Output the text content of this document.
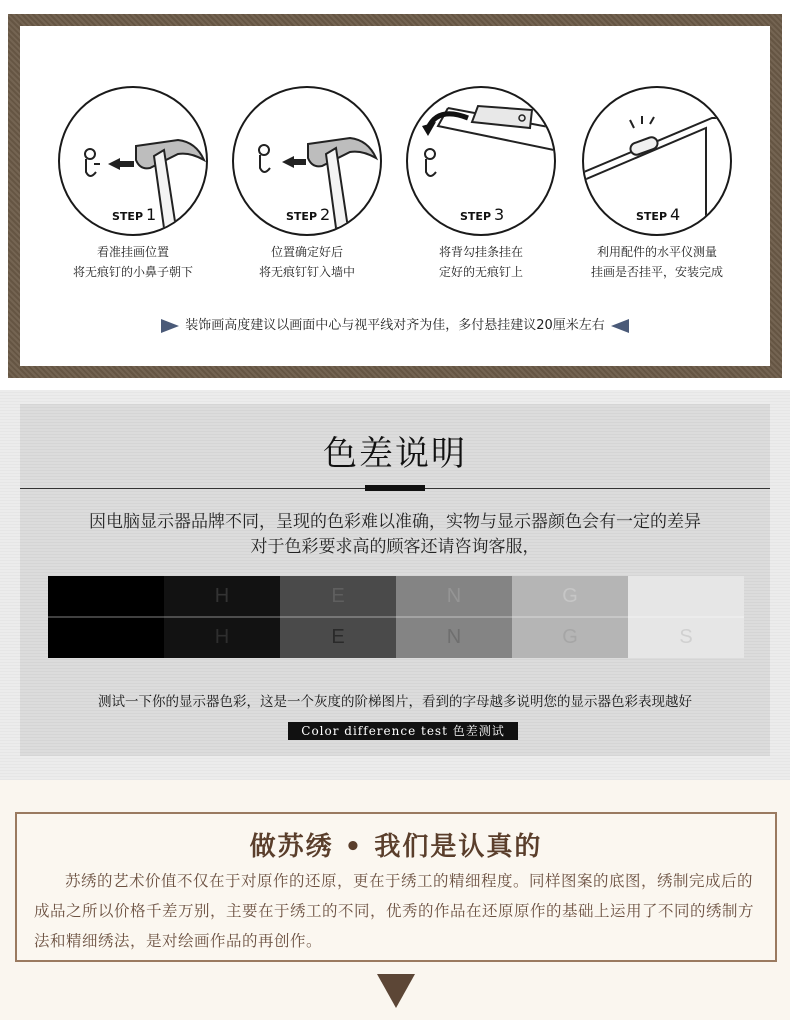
STEP 1
看准挂画位置
将无痕钉的小鼻子朝下
STEP 2
位置确定好后
将无痕钉钉入墙中
STEP 3
将背勾挂条挂在
定好的无痕钉上
STEP 4
利用配件的水平仪测量
挂画是否挂平，安装完成
装饰画高度建议以画面中心与视平线对齐为佳，多付悬挂建议20厘米左右
色差说明
因电脑显示器品牌不同，呈现的色彩难以准确，实物与显示器颜色会有一定的差异
对于色彩要求高的顾客还请咨询客服，
S
G
G
N
N
E
E
H
H
测试一下你的显示器色彩，这是一个灰度的阶梯图片，看到的字母越多说明您的显示器色彩表现越好
Color difference test 色差测试
做苏绣 • 我们是认真的
苏绣的艺术价值不仅在于对原作的还原，更在于绣工的精细程度。同样图案的底图，绣制完成后的成品之所以价格千差万别，主要在于绣工的不同，优秀的作品在还原原作的基础上运用了不同的绣制方法和精细绣法，是对绘画作品的再创作。
